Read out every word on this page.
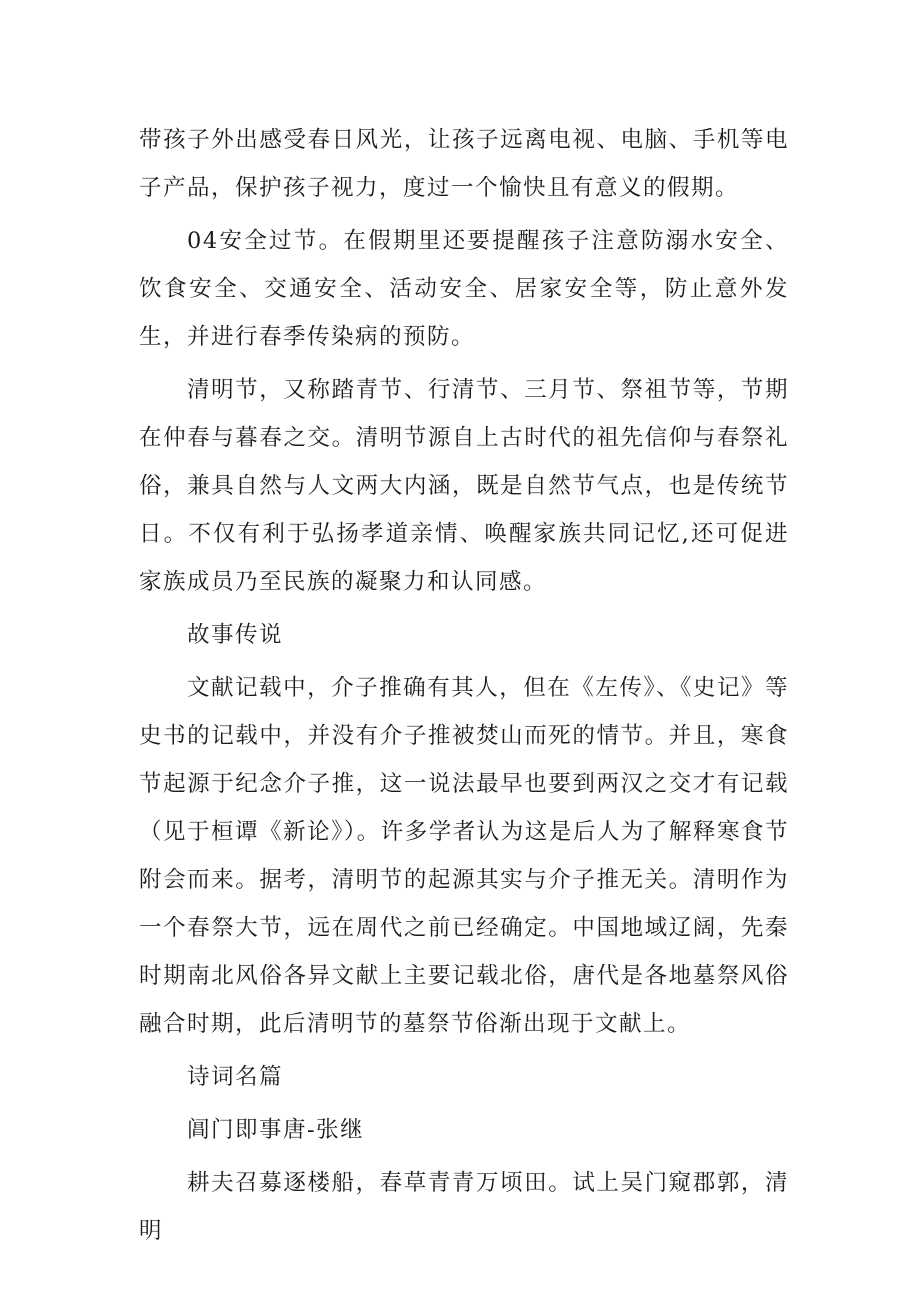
带孩子外出感受春日风光，让孩子远离电视、电脑、手机等电子产品，保护孩子视力，度过一个愉快且有意义的假期。

04安全过节。在假期里还要提醒孩子注意防溺水安全、饮食安全、交通安全、活动安全、居家安全等，防止意外发生，并进行春季传染病的预防。

清明节，又称踏青节、行清节、三月节、祭祖节等，节期在仲春与暮春之交。清明节源自上古时代的祖先信仰与春祭礼俗，兼具自然与人文两大内涵，既是自然节气点，也是传统节日。不仅有利于弘扬孝道亲情、唤醒家族共同记忆,还可促进家族成员乃至民族的凝聚力和认同感。

故事传说

文献记载中，介子推确有其人，但在《左传》、《史记》等史书的记载中，并没有介子推被焚山而死的情节。并且，寒食节起源于纪念介子推，这一说法最早也要到两汉之交才有记载（见于桓谭《新论》）。许多学者认为这是后人为了解释寒食节附会而来。据考，清明节的起源其实与介子推无关。清明作为一个春祭大节，远在周代之前已经确定。中国地域辽阔，先秦时期南北风俗各异文献上主要记载北俗，唐代是各地墓祭风俗融合时期，此后清明节的墓祭节俗渐出现于文献上。

诗词名篇

阊门即事唐-张继

耕夫召募逐楼船，春草青青万顷田。试上吴门窥郡郭，清明
